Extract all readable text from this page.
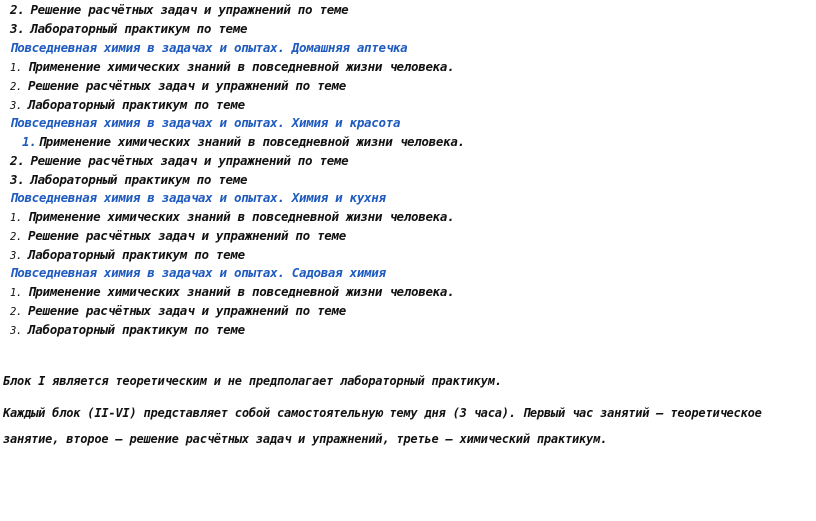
2. Решение расчётных задач и упражнений по теме
3. Лабораторный практикум по теме
Повседневная химия в задачах и опытах. Домашняя аптечка
1. Применение химических знаний в повседневной жизни человека.
2. Решение расчётных задач и упражнений по теме
3. Лабораторный практикум по теме
Повседневная химия в задачах и опытах. Химия и красота
1. Применение химических знаний в повседневной жизни человека.
2. Решение расчётных задач и упражнений по теме
3. Лабораторный практикум по теме
Повседневная химия в задачах и опытах. Химия и кухня
1. Применение химических знаний в повседневной жизни человека.
2. Решение расчётных задач и упражнений по теме
3. Лабораторный практикум по теме
Повседневная химия в задачах и опытах. Садовая химия
1. Применение химических знаний в повседневной жизни человека.
2. Решение расчётных задач и упражнений по теме
3. Лабораторный практикум по теме
Блок I является теоретическим и не предполагает лабораторный практикум.
Каждый блок (II-VI) представляет собой самостоятельную тему дня (3 часа). Первый час занятий – теоретическое занятие, второе – решение расчётных задач и упражнений, третье – химический практикум.
